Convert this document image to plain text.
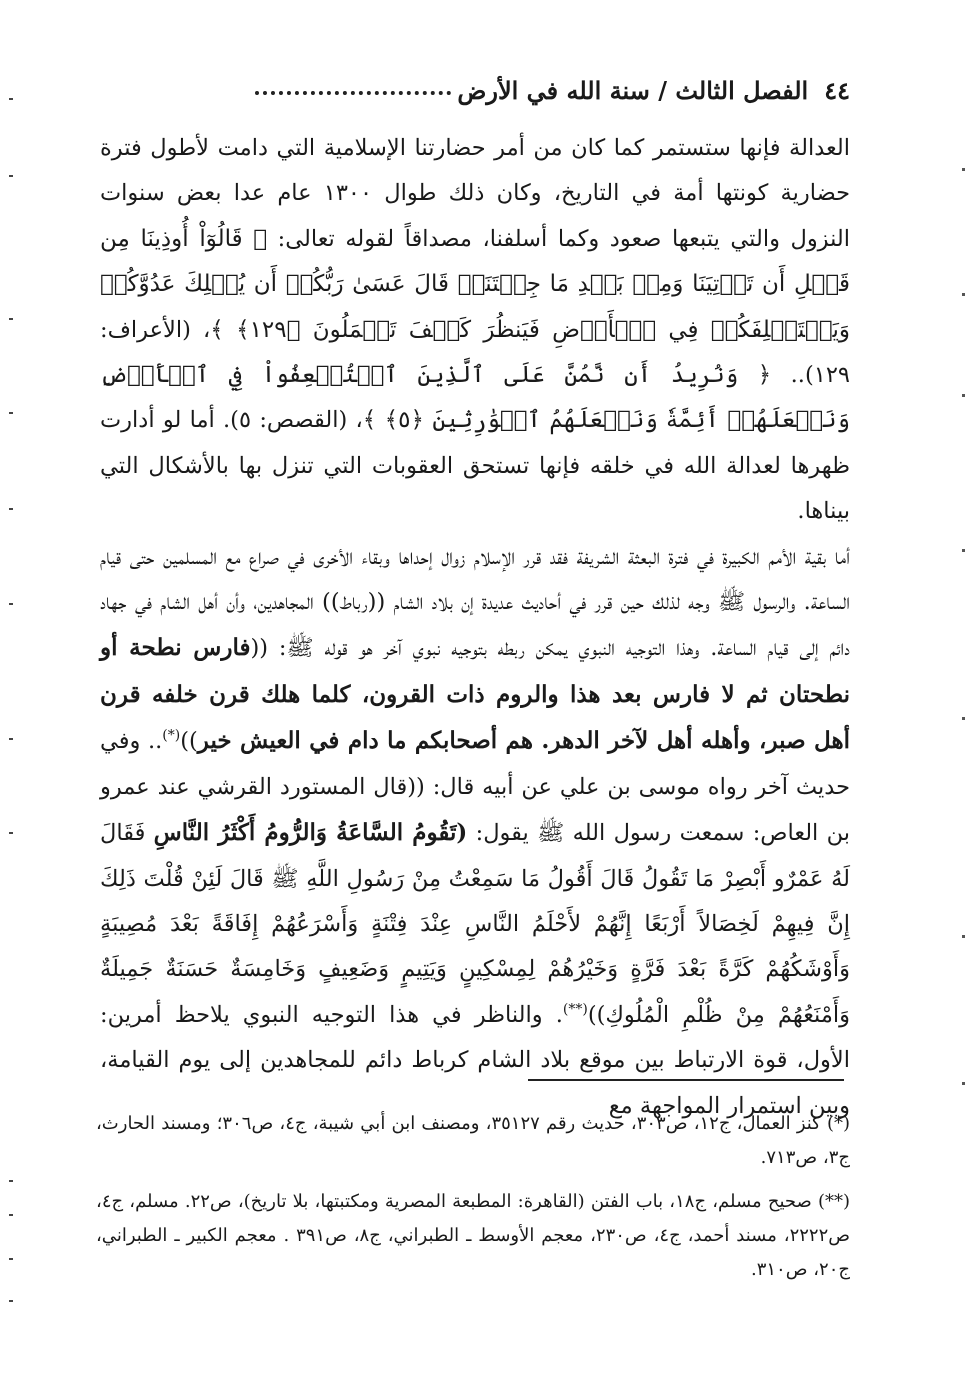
٤٤
الفصل الثالث / سنة الله في الأرض

العدالة فإنها ستستمر كما كان من أمر حضارتنا الإسلامية التي دامت لأطول فترة حضارية كونتها أمة في التاريخ، وكان ذلك طوال ١٣٠٠ عام عدا بعض سنوات النزول والتي يتبعها صعود وكما أسلفنا، مصداقاً لقوله تعالى: ﴿ قَالُوٓاْ أُوذِينَا مِن قَبۡلِ أَن تَأۡتِيَنَا وَمِنۢ بَعۡدِ مَا جِئۡتَنَاۚ قَالَ عَسَىٰ رَبُّكُمۡ أَن يُهۡلِكَ عَدُوَّكُمۡ وَيَسۡتَخۡلِفَكُمۡ فِي ٱلۡأَرۡضِ فَيَنظُرَ كَيۡفَ تَعۡمَلُونَ ﴿١٢٩﴾ ﴾، (الأعراف: ١٢٩).. ﴿ وَنُرِيدُ أَن نَّمُنَّ عَلَى ٱلَّذِينَ ٱسۡتُضۡعِفُواْ فِي ٱلۡأَرۡضِ وَنَجۡعَلَهُمۡ أَئِمَّةٗ وَنَجۡعَلَهُمُ ٱلۡوَٰرِثِينَ ﴿٥﴾ ﴾، (القصص: ٥). أما لو أدارت ظهرها لعدالة الله في خلقه فإنها تستحق العقوبات التي تنزل بها بالأشكال التي بيناها.

أما بقية الأمم الكبيرة في فترة البعثة الشريفة فقد قرر الإسلام زوال إحداها وبقاء الأخرى في صراع مع المسلمين حتى قيام الساعة. والرسول ﷺ وجه لذلك حين قرر في أحاديث عديدة إن بلاد الشام ((رباط)) المجاهدين، وأن أهل الشام في جهاد دائم إلى قيام الساعة. وهذا التوجيه النبوي يمكن ربطه بتوجيه نبوي آخر هو قوله ﷺ: ((فارس نطحة أو نطحتان ثم لا فارس بعد هذا والروم ذات القرون، كلما هلك قرن خلفه قرن أهل صبر، وأهله أهل لآخر الدهر. هم أصحابكم ما دام في العيش خير))(*).. وفي حديث آخر رواه موسى بن علي عن أبيه قال: ((قال المستورد القرشي عند عمرو بن العاص: سمعت رسول الله ﷺ يقول: (تَقُومُ السَّاعَةُ وَالرُّومُ أَكْثَرُ النَّاسِ فَقَالَ لَهُ عَمْرٌو أَبْصِرْ مَا تَقُولُ قَالَ أَقُولُ مَا سَمِعْتُ مِنْ رَسُولِ اللَّهِ ﷺ قَالَ لَئِنْ قُلْتَ ذَلِكَ إِنَّ فِيهِمْ لَخِصَالاً أَرْبَعًا إِنَّهُمْ لأَحْلَمُ النَّاسِ عِنْدَ فِتْنَةٍ وَأَسْرَعُهُمْ إِفَاقَةً بَعْدَ مُصِيبَةٍ وَأَوْشَكُهُمْ كَرَّةً بَعْدَ فَرَّةٍ وَخَيْرُهُمْ لِمِسْكِينٍ وَيَتِيمٍ وَضَعِيفٍ وَخَامِسَةٌ حَسَنَةٌ جَمِيلَةٌ وَأَمْنَعُهُمْ مِنْ ظُلْمِ الْمُلُوكِ))(**). والناظر في هذا التوجيه النبوي يلاحظ أمرين: الأول، قوة الارتباط بين موقع بلاد الشام كرباط دائم للمجاهدين إلى يوم القيامة، وبين استمرار المواجهة مع

(*) كنز العمال، ج١٢، ص٣٠٣، حديث رقم ٣٥١٢٧، ومصنف ابن أبي شيبة، ج٤، ص٣٠٦؛ ومسند الحارث، ج٣، ص٧١٣.

(**) صحيح مسلم، ج١٨، باب الفتن (القاهرة: المطبعة المصرية ومكتبتها، بلا تاريخ)، ص٢٢. مسلم، ج٤، ص٢٢٢٢، مسند أحمد، ج٤، ص٢٣٠، معجم الأوسط ـ الطبراني، ج٨، ص٣٩١ . معجم الكبير ـ الطبراني، ج٢٠، ص٣١٠.
